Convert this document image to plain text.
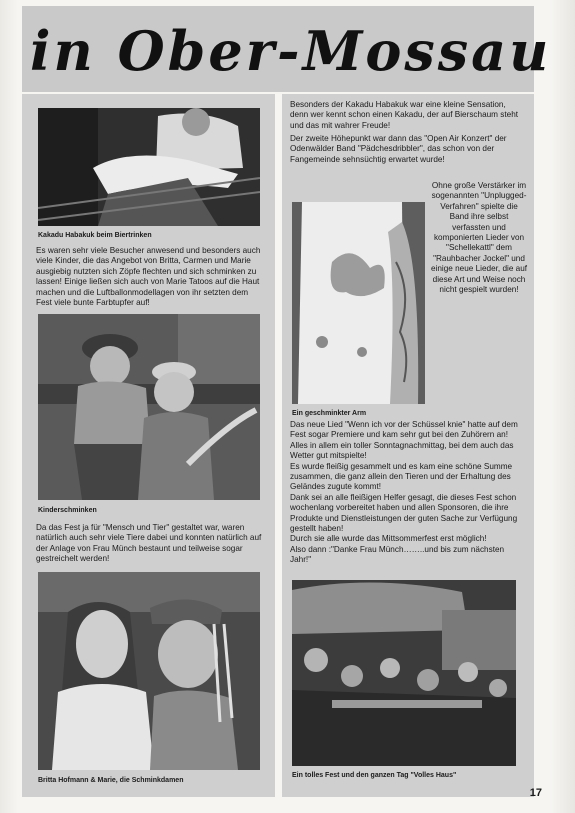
in Ober-Mossau
Kakadu Habakuk beim Biertrinken

Es waren sehr viele Besucher anwesend und besonders auch viele Kinder, die das Angebot von Britta, Carmen und Marie ausgiebig nutzten sich Zöpfe flechten und sich schminken zu lassen! Einige ließen sich auch von Marie Tatoos auf die Haut machen und die Luftballonmodellagen von ihr setzten dem Fest viele bunte Farbtupfer auf!

Kinderschminken

Da das Fest ja für "Mensch und Tier" gestaltet war, waren natürlich auch sehr viele Tiere dabei und konnten natürlich auf der Anlage von Frau Münch bestaunt und teilweise sogar gestreichelt werden!

Britta Hofmann & Marie, die Schminkdamen

Besonders der Kakadu Habakuk war eine kleine Sensation, denn wer kennt schon einen Kakadu, der auf Bierschaum steht und das mit wahrer Freude!

Der zweite Höhepunkt war dann das "Open Air Konzert" der Odenwälder Band "Pädchesdribbler", das schon von der Fangemeinde sehnsüchtig erwartet wurde!

Ein geschminkter Arm

Ohne große Verstärker im sogenannten "Unplugged-Verfahren" spielte die Band ihre selbst verfassten und komponierten Lieder von "Schellekattl" dem "Rauhbacher Jockel" und einige neue Lieder, die auf diese Art und Weise noch nicht gespielt wurden!

Das neue Lied "Wenn ich vor der Schüssel knie" hatte auf dem Fest sogar Premiere und kam sehr gut bei den Zuhörern an!

Alles in allem ein toller Sonntagnachmittag, bei dem auch das Wetter gut mitspielte!

Es wurde fleißig gesammelt und es kam eine schöne Summe zusammen, die ganz allein den Tieren und der Erhaltung des Geländes zugute kommt!

Dank sei an alle fleißigen Helfer gesagt, die dieses Fest schon wochenlang vorbereitet haben und allen Sponsoren, die ihre Produkte und Dienstleistungen der guten Sache zur Verfügung gestellt haben!

Durch sie alle wurde das Mittsommerfest erst möglich!

Also dann :"Danke Frau Münch……..und bis zum nächsten Jahr!"

Ein tolles Fest und den ganzen Tag "Volles Haus"
17
